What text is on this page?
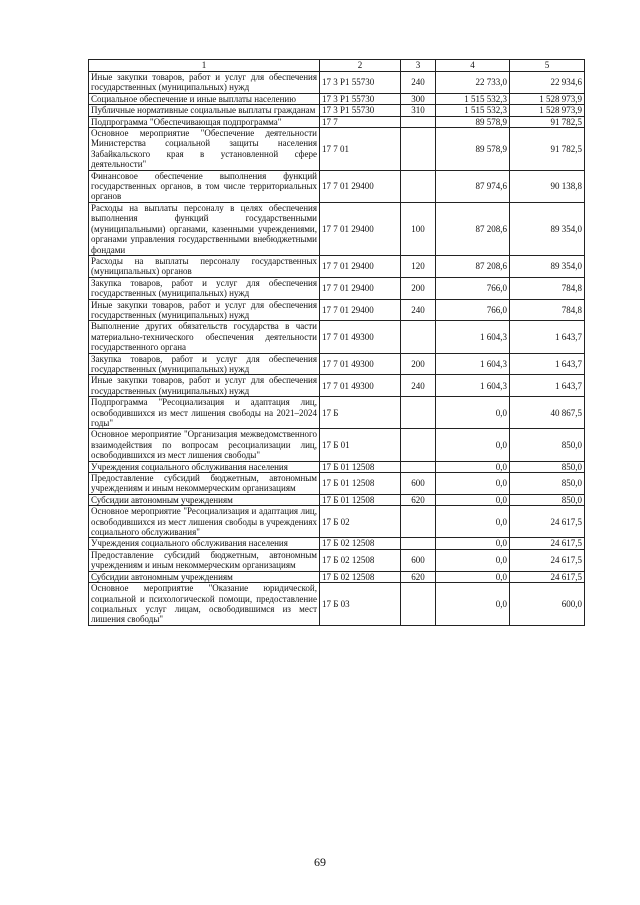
1	2	3	4	5
Иные закупки товаров, работ и услуг для обеспечения государственных (муниципальных) нужд	17 3 P1 55730	240	22 733,0	22 934,6
Социальное обеспечение и иные выплаты населению	17 3 P1 55730	300	1 515 532,3	1 528 973,9
Публичные нормативные социальные выплаты гражданам	17 3 P1 55730	310	1 515 532,3	1 528 973,9
Подпрограмма "Обеспечивающая подпрограмма"	17 7		89 578,9	91 782,5
Основное мероприятие "Обеспечение деятельности Министерства социальной защиты населения Забайкальского края в установленной сфере деятельности"	17 7 01		89 578,9	91 782,5
Финансовое обеспечение выполнения функций государственных органов, в том числе территориальных органов	17 7 01 29400		87 974,6	90 138,8
Расходы на выплаты персоналу в целях обеспечения выполнения функций государственными (муниципальными) органами, казенными учреждениями, органами управления государственными внебюджетными фондами	17 7 01 29400	100	87 208,6	89 354,0
Расходы на выплаты персоналу государственных (муниципальных) органов	17 7 01 29400	120	87 208,6	89 354,0
Закупка товаров, работ и услуг для обеспечения государственных (муниципальных) нужд	17 7 01 29400	200	766,0	784,8
Иные закупки товаров, работ и услуг для обеспечения государственных (муниципальных) нужд	17 7 01 29400	240	766,0	784,8
Выполнение других обязательств государства в части материально-технического обеспечения деятельности государственного органа	17 7 01 49300		1 604,3	1 643,7
Закупка товаров, работ и услуг для обеспечения государственных (муниципальных) нужд	17 7 01 49300	200	1 604,3	1 643,7
Иные закупки товаров, работ и услуг для обеспечения государственных (муниципальных) нужд	17 7 01 49300	240	1 604,3	1 643,7
Подпрограмма "Ресоциализация и адаптация лиц, освободившихся из мест лишения свободы на 2021–2024 годы"	17 Б		0,0	40 867,5
Основное мероприятие "Организация межведомственного взаимодействия по вопросам ресоциализации лиц, освободившихся из мест лишения свободы"	17 Б 01		0,0	850,0
Учреждения социального обслуживания населения	17 Б 01 12508		0,0	850,0
Предоставление субсидий бюджетным, автономным учреждениям и иным некоммерческим организациям	17 Б 01 12508	600	0,0	850,0
Субсидии автономным учреждениям	17 Б 01 12508	620	0,0	850,0
Основное мероприятие "Ресоциализация и адаптация лиц, освободившихся из мест лишения свободы в учреждениях социального обслуживания"	17 Б 02		0,0	24 617,5
Учреждения социального обслуживания населения	17 Б 02 12508		0,0	24 617,5
Предоставление субсидий бюджетным, автономным учреждениям и иным некоммерческим организациям	17 Б 02 12508	600	0,0	24 617,5
Субсидии автономным учреждениям	17 Б 02 12508	620	0,0	24 617,5
Основное мероприятие "Оказание юридической, социальной и психологической помощи, предоставление социальных услуг лицам, освободившимся из мест лишения свободы"	17 Б 03		0,0	600,0
69
